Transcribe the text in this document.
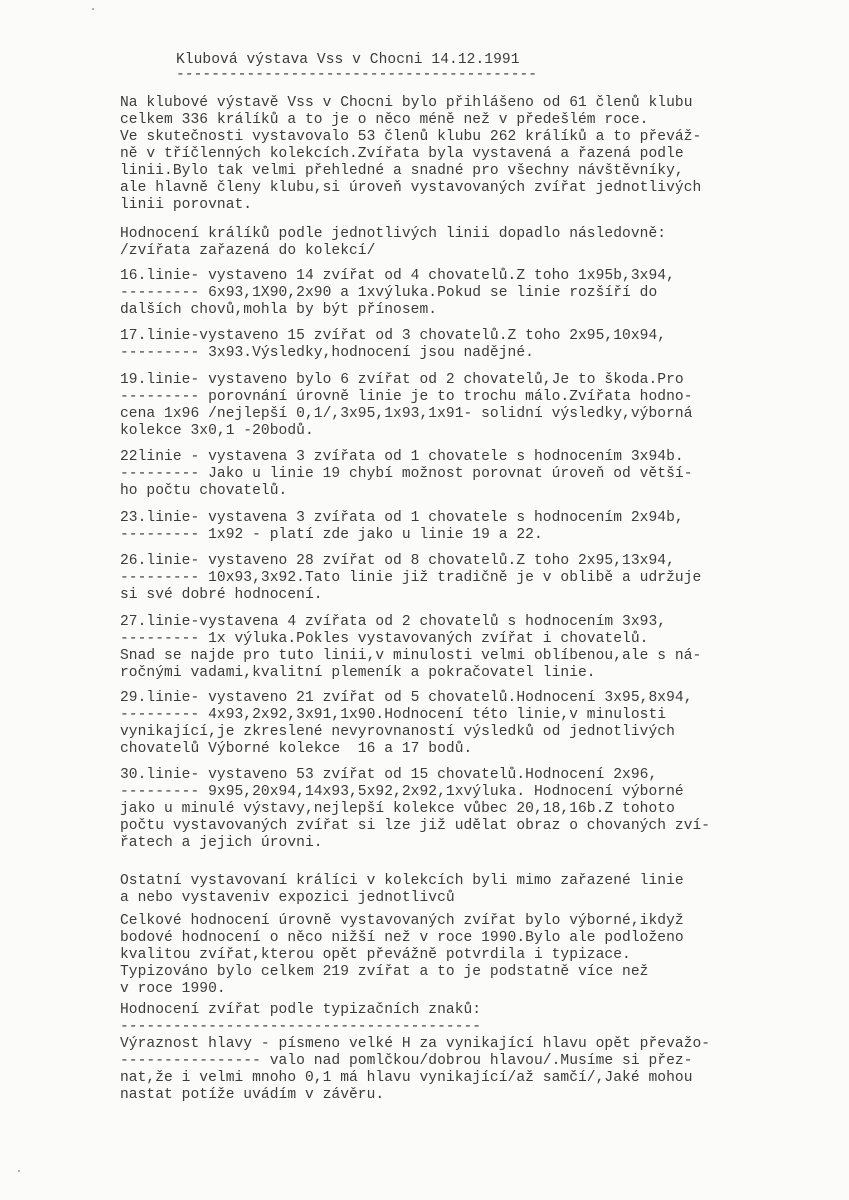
Klubová výstava Vss v Chocni 14.12.1991
-----------------------------------------
Na klubové výstavě Vss v Chocni bylo přihlášeno od 61 členů klubu
celkem 336 králíků a to je o něco méně než v předešlém roce.
Ve skutečnosti vystavovalo 53 členů klubu 262 králíků a to převáž-
ně v tříčlenných kolekcích.Zvířata byla vystavená a řazená podle
linii.Bylo tak velmi přehledné a snadné pro všechny návštěvníky,
ale hlavně členy klubu,si úroveň vystavovaných zvířat jednotlivých
linii porovnat.
Hodnocení králíků podle jednotlivých linii dopadlo následovně:
/zvířata zařazená do kolekcí/
16.linie- vystaveno 14 zvířat od 4 chovatelů.Z toho 1x95b,3x94,
--------- 6x93,1X90,2x90 a 1xvýluka.Pokud se linie rozšíří do
dalších chovů,mohla by být přínosem.
17.linie-vystaveno 15 zvířat od 3 chovatelů.Z toho 2x95,10x94,
--------- 3x93.Výsledky,hodnocení jsou nadějné.
19.linie- vystaveno bylo 6 zvířat od 2 chovatelů,Je to škoda.Pro
--------- porovnání úrovně linie je to trochu málo.Zvířata hodno-
cena 1x96 /nejlepší 0,1/,3x95,1x93,1x91- solidní výsledky,výborná
kolekce 3x0,1 -20bodů.
22linie - vystavena 3 zvířata od 1 chovatele s hodnocením 3x94b.
--------- Jako u linie 19 chybí možnost porovnat úroveň od větší-
ho počtu chovatelů.
23.linie- vystavena 3 zvířata od 1 chovatele s hodnocením 2x94b,
--------- 1x92 - platí zde jako u linie 19 a 22.
26.linie- vystaveno 28 zvířat od 8 chovatelů.Z toho 2x95,13x94,
--------- 10x93,3x92.Tato linie již tradičně je v oblibě a udržuje
si své dobré hodnocení.
27.linie-vystavena 4 zvířata od 2 chovatelů s hodnocením 3x93,
--------- 1x výluka.Pokles vystavovaných zvířat i chovatelů.
Snad se najde pro tuto linii,v minulosti velmi oblíbenou,ale s ná-
ročnými vadami,kvalitní plemeník a pokračovatel linie.
29.linie- vystaveno 21 zvířat od 5 chovatelů.Hodnocení 3x95,8x94,
--------- 4x93,2x92,3x91,1x90.Hodnocení této linie,v minulosti
vynikající,je zkreslené nevyrovnaností výsledků od jednotlivých
chovatelů Výborné kolekce  16 a 17 bodů.
30.linie- vystaveno 53 zvířat od 15 chovatelů.Hodnocení 2x96,
--------- 9x95,20x94,14x93,5x92,2x92,1xvýluka. Hodnocení výborné
jako u minulé výstavy,nejlepší kolekce vůbec 20,18,16b.Z tohoto
počtu vystavovaných zvířat si lze již udělat obraz o chovaných zví-
řatech a jejich úrovni.
Ostatní vystavovaní králíci v kolekcích byli mimo zařazené linie
a nebo vystaveniv expozici jednotlivců
Celkové hodnocení úrovně vystavovaných zvířat bylo výborné,ikdyž
bodové hodnocení o něco nižší než v roce 1990.Bylo ale podloženo
kvalitou zvířat,kterou opět převážně potvrdila i typizace.
Typizováno bylo celkem 219 zvířat a to je podstatně více než
v roce 1990.
Hodnocení zvířat podle typizačních znaků:
-----------------------------------------
Výraznost hlavy - písmeno velké H za vynikající hlavu opět převažo-
---------------- valo nad pomlčkou/dobrou hlavou/.Musíme si přez-
nat,že i velmi mnoho 0,1 má hlavu vynikající/až samčí/,Jaké mohou
nastat potíže uvádím v závěru.
